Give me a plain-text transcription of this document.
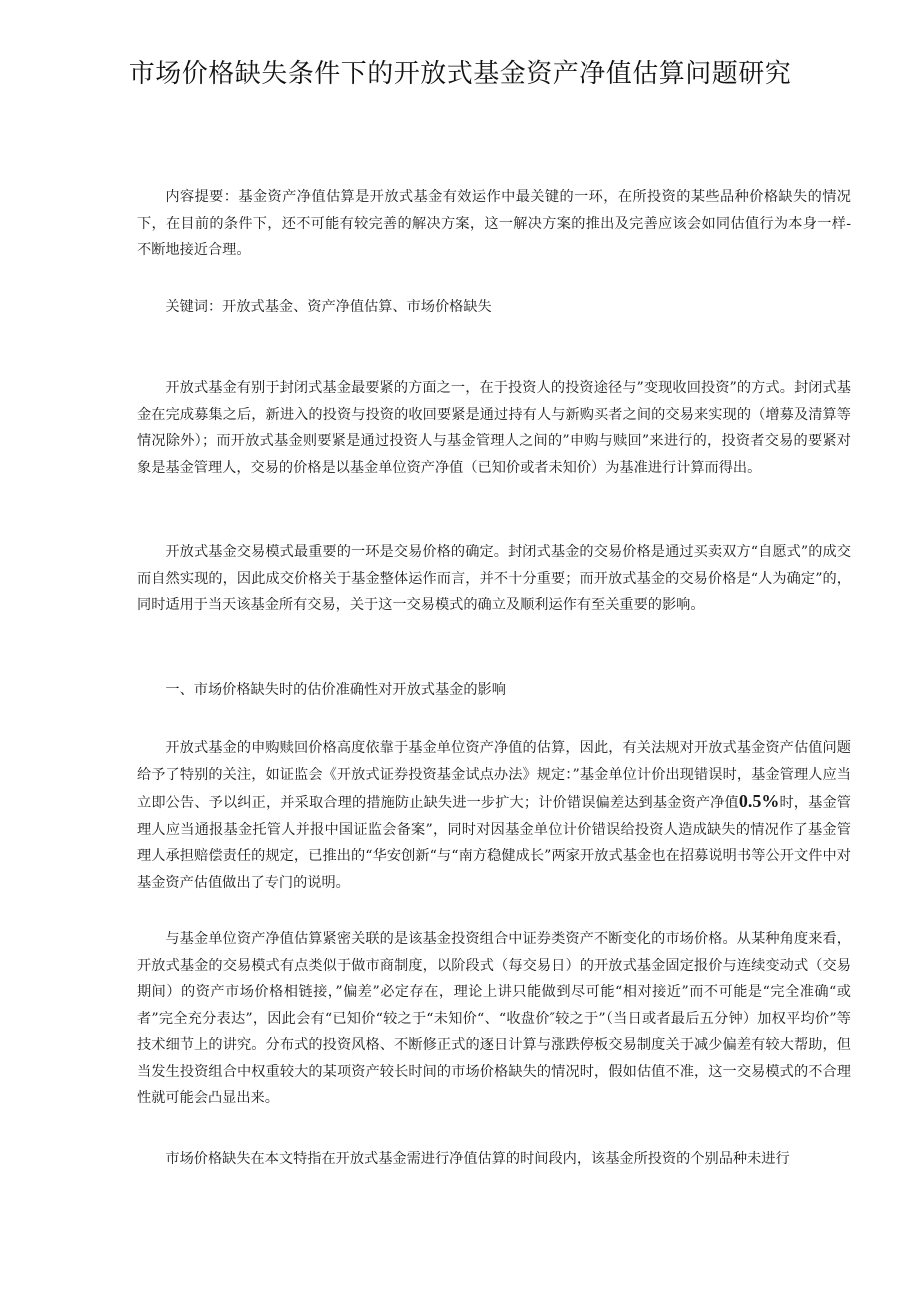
市场价格缺失条件下的开放式基金资产净值估算问题研究

内容提要：基金资产净值估算是开放式基金有效运作中最关键的一环，在所投资的某些品种价格缺失的情况下，在目前的条件下，还不可能有较完善的解决方案，这一解决方案的推出及完善应该会如同估值行为本身一样-不断地接近合理。

关键词：开放式基金、资产净值估算、市场价格缺失

开放式基金有别于封闭式基金最要紧的方面之一，在于投资人的投资途径与”变现收回投资”的方式。封闭式基金在完成募集之后，新进入的投资与投资的收回要紧是通过持有人与新购买者之间的交易来实现的（增募及清算等情况除外）；而开放式基金则要紧是通过投资人与基金管理人之间的”申购与赎回”来进行的，投资者交易的要紧对象是基金管理人，交易的价格是以基金单位资产净值（已知价或者未知价）为基准进行计算而得出。

开放式基金交易模式最重要的一环是交易价格的确定。封闭式基金的交易价格是通过买卖双方“自愿式”的成交而自然实现的，因此成交价格关于基金整体运作而言，并不十分重要；而开放式基金的交易价格是“人为确定”的，同时适用于当天该基金所有交易，关于这一交易模式的确立及顺利运作有至关重要的影响。

一、市场价格缺失时的估价准确性对开放式基金的影响

开放式基金的申购赎回价格高度依靠于基金单位资产净值的估算，因此，有关法规对开放式基金资产估值问题给予了特别的关注，如证监会《开放式证券投资基金试点办法》规定：”基金单位计价出现错误时，基金管理人应当立即公告、予以纠正，并采取合理的措施防止缺失进一步扩大；计价错误偏差达到基金资产净值0.5%时，基金管理人应当通报基金托管人并报中国证监会备案”，同时对因基金单位计价错误给投资人造成缺失的情况作了基金管理人承担赔偿责任的规定，已推出的“华安创新“与“南方稳健成长”两家开放式基金也在招募说明书等公开文件中对基金资产估值做出了专门的说明。

与基金单位资产净值估算紧密关联的是该基金投资组合中证券类资产不断变化的市场价格。从某种角度来看，开放式基金的交易模式有点类似于做市商制度，以阶段式（每交易日）的开放式基金固定报价与连续变动式（交易期间）的资产市场价格相链接，”偏差”必定存在，理论上讲只能做到尽可能“相对接近”而不可能是“完全准确“或者”完全充分表达”，因此会有“已知价“较之于“未知价“、“收盘价″较之于”（当日或者最后五分钟）加权平均价”等技术细节上的讲究。分布式的投资风格、不断修正式的逐日计算与涨跌停板交易制度关于减少偏差有较大帮助，但当发生投资组合中权重较大的某项资产较长时间的市场价格缺失的情况时，假如估值不准，这一交易模式的不合理性就可能会凸显出来。

市场价格缺失在本文特指在开放式基金需进行净值估算的时间段内，该基金所投资的个别品种未进行
